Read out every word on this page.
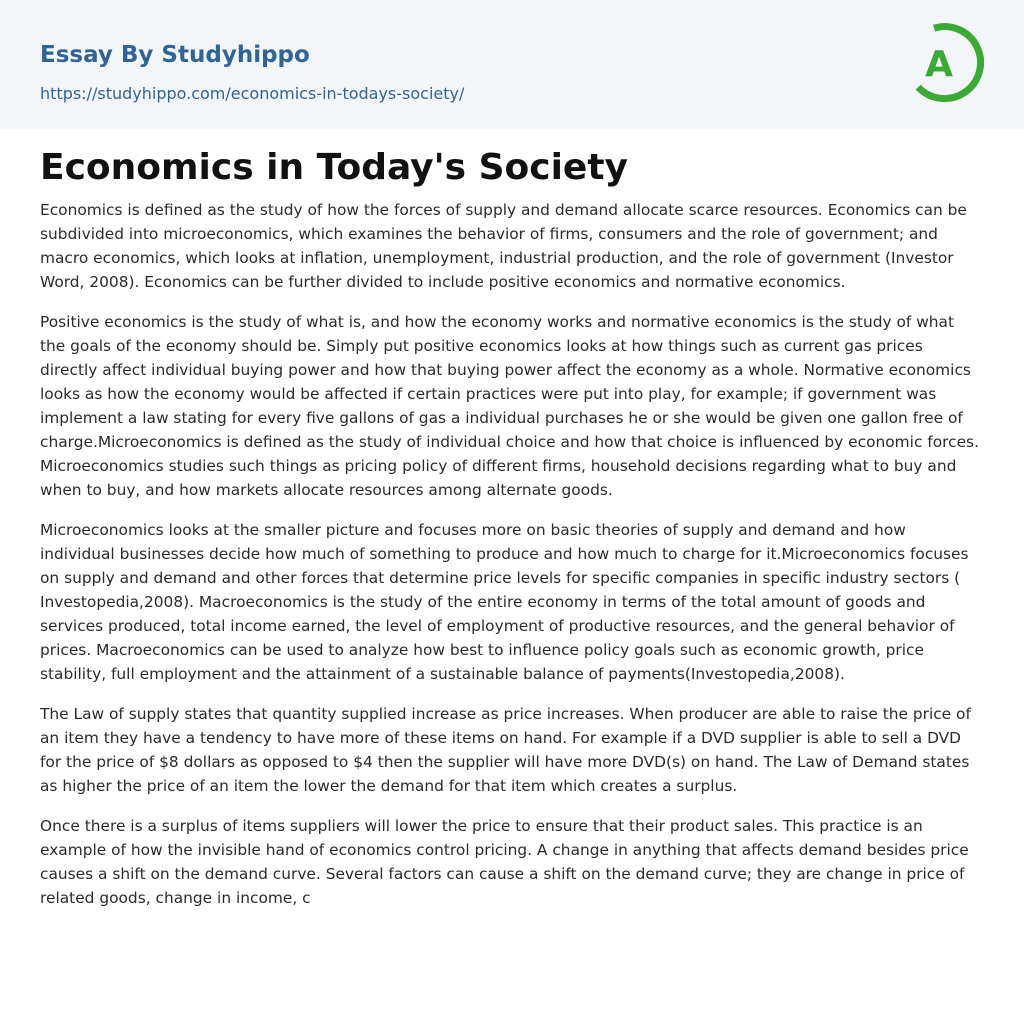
Essay By Studyhippo
https://studyhippo.com/economics-in-todays-society/
A
Economics in Today's Society

Economics is defined as the study of how the forces of supply and demand allocate scarce resources. Economics can be subdivided into microeconomics, which examines the behavior of firms, consumers and the role of government; and macro economics, which looks at inflation, unemployment, industrial production, and the role of government (Investor Word, 2008). Economics can be further divided to include positive economics and normative economics.

Positive economics is the study of what is, and how the economy works and normative economics is the study of what the goals of the economy should be. Simply put positive economics looks at how things such as current gas prices directly affect individual buying power and how that buying power affect the economy as a whole. Normative economics looks as how the economy would be affected if certain practices were put into play, for example; if government was implement a law stating for every five gallons of gas a individual purchases he or she would be given one gallon free of charge.Microeconomics is defined as the study of individual choice and how that choice is influenced by economic forces. Microeconomics studies such things as pricing policy of different firms, household decisions regarding what to buy and when to buy, and how markets allocate resources among alternate goods.

Microeconomics looks at the smaller picture and focuses more on basic theories of supply and demand and how individual businesses decide how much of something to produce and how much to charge for it.Microeconomics focuses on supply and demand and other forces that determine price levels for specific companies in specific industry sectors ( Investopedia,2008). Macroeconomics is the study of the entire economy in terms of the total amount of goods and services produced, total income earned, the level of employment of productive resources, and the general behavior of prices. Macroeconomics can be used to analyze how best to influence policy goals such as economic growth, price stability, full employment and the attainment of a sustainable balance of payments(Investopedia,2008).

The Law of supply states that quantity supplied increase as price increases. When producer are able to raise the price of an item they have a tendency to have more of these items on hand. For example if a DVD supplier is able to sell a DVD for the price of $8 dollars as opposed to $4 then the supplier will have more DVD(s) on hand. The Law of Demand states as higher the price of an item the lower the demand for that item which creates a surplus.

Once there is a surplus of items suppliers will lower the price to ensure that their product sales. This practice is an example of how the invisible hand of economics control pricing. A change in anything that affects demand besides price causes a shift on the demand curve. Several factors can cause a shift on the demand curve; they are change in price of related goods, change in income, c
